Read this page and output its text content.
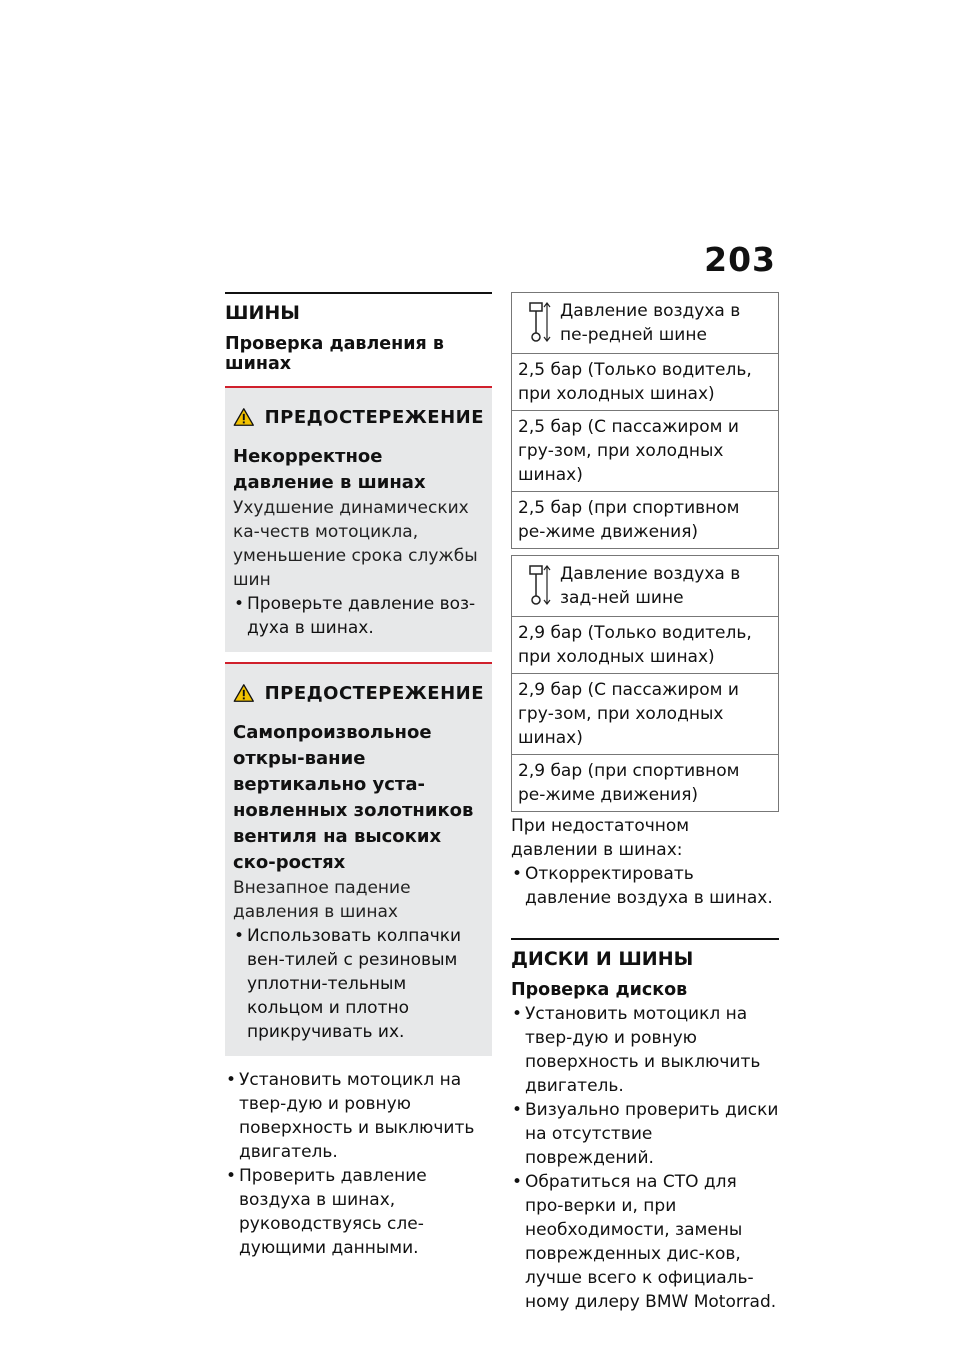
203
ШИНЫ
Проверка давления в шинах
ПРЕДОСТЕРЕЖЕНИЕ
Некорректное давление в шинах
Ухудшение динамических ка-честв мотоцикла, уменьшение срока службы шин
• Проверьте давление воз-духа в шинах.
ПРЕДОСТЕРЕЖЕНИЕ
Самопроизвольное откры-вание вертикально уста-новленных золотников вентиля на высоких ско-ростях
Внезапное падение давления в шинах
• Использовать колпачки вен-тилей с резиновым уплотни-тельным кольцом и плотно прикручивать их.
• Установить мотоцикл на твер-дую и ровную поверхность и выключить двигатель.
• Проверить давление воздуха в шинах, руководствуясь сле-дующими данными.
Давление воздуха в пе-редней шине
2,5 бар (Только водитель, при холодных шинах)
2,5 бар (С пассажиром и гру-зом, при холодных шинах)
2,5 бар (при спортивном ре-жиме движения)
Давление воздуха в зад-ней шине
2,9 бар (Только водитель, при холодных шинах)
2,9 бар (С пассажиром и гру-зом, при холодных шинах)
2,9 бар (при спортивном ре-жиме движения)
При недостаточном давлении в шинах:
• Откорректировать давление воздуха в шинах.
ДИСКИ И ШИНЫ
Проверка дисков
• Установить мотоцикл на твер-дую и ровную поверхность и выключить двигатель.
• Визуально проверить диски на отсутствие повреждений.
• Обратиться на СТО для про-верки и, при необходимости, замены поврежденных дис-ков, лучше всего к официаль-ному дилеру BMW Motorrad.
